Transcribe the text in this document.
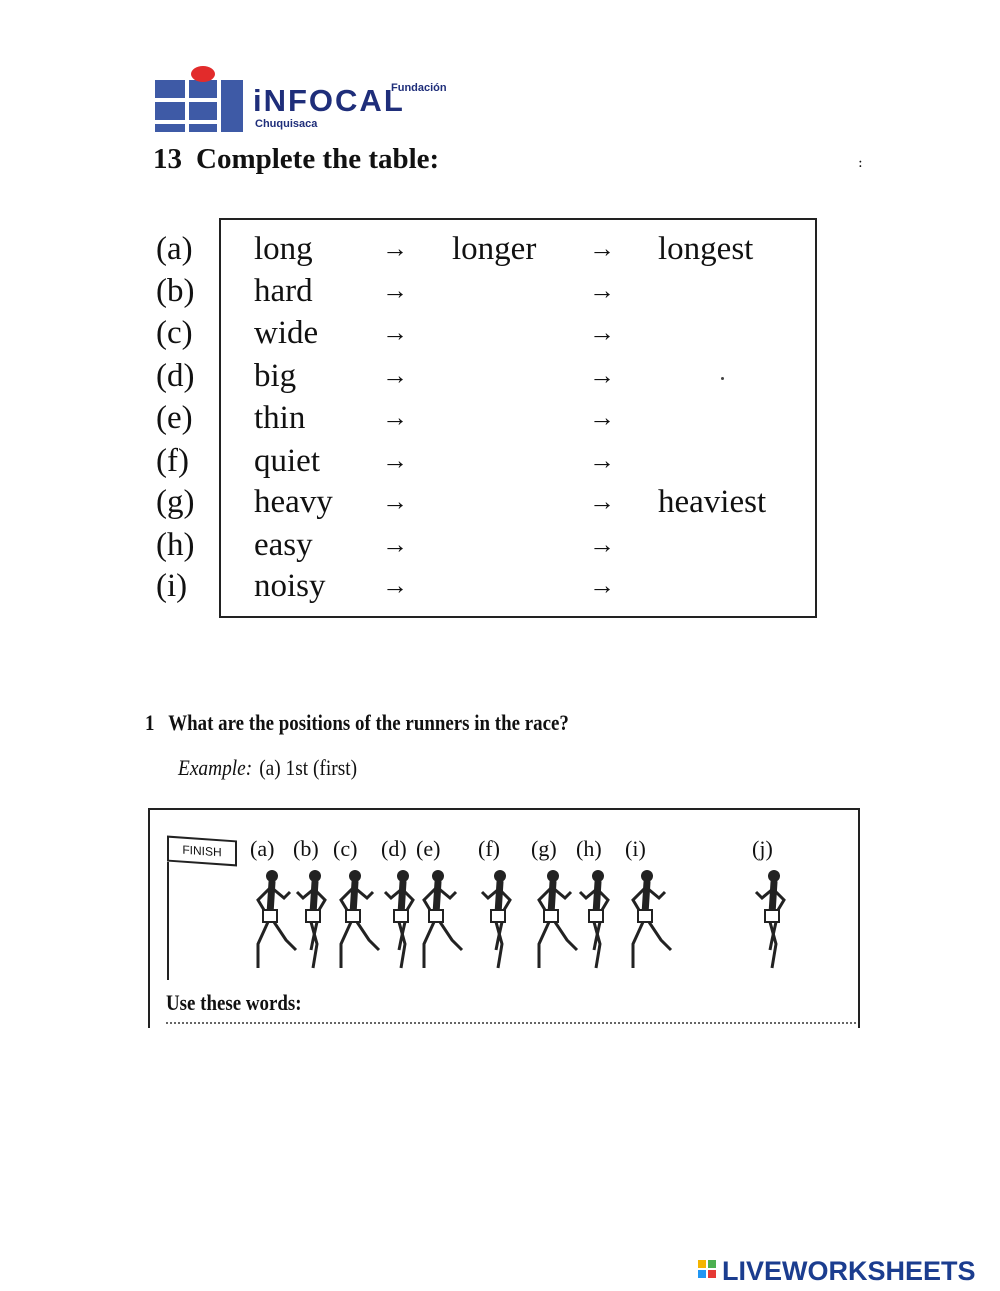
Fundación
iNFOCAL
Chuquisaca
13 Complete the table:	:
(a)	long	→ longer	→ longest
(b)	hard	→	→
(c)	wide	→	→
(d)	big	→	→
(e)	thin	→	→
(f)	quiet	→	→
(g)	heavy	→	→ heaviest
(h)	easy	→	→
(i)	noisy	→	→
1 What are the positions of the runners in the race?
Example: (a) 1st (first)
FINISH	(a) (b) (c) (d) (e) (f) (g) (h) (i)	(j)
Use these words:
LIVEWORKSHEETS
